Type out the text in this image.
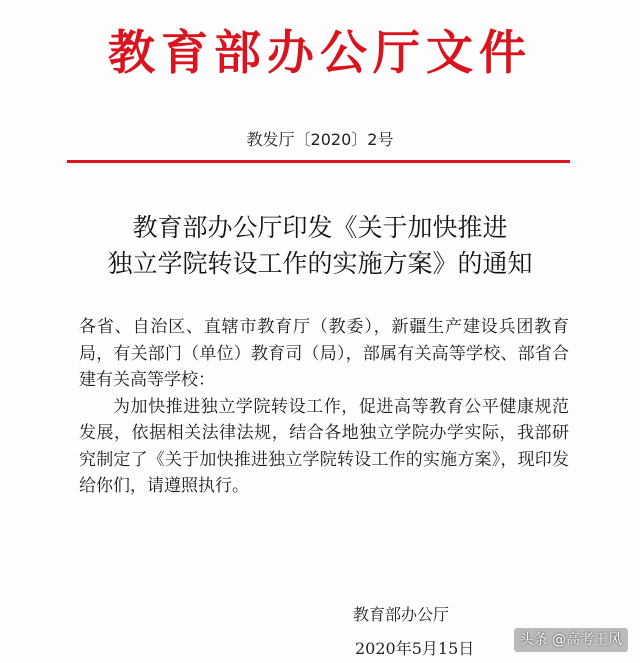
教育部办公厅文件
教发厅〔2020〕2号
教育部办公厅印发《关于加快推进
独立学院转设工作的实施方案》的通知

各省、自治区、直辖市教育厅（教委），新疆生产建设兵团教育局，有关部门（单位）教育司（局），部属有关高等学校、部省合建有关高等学校：

为加快推进独立学院转设工作，促进高等教育公平健康规范发展，依据相关法律法规，结合各地独立学院办学实际，我部研究制定了《关于加快推进独立学院转设工作的实施方案》，现印发给你们，请遵照执行。

教育部办公厅
2020年5月15日	头条 @高考王风
